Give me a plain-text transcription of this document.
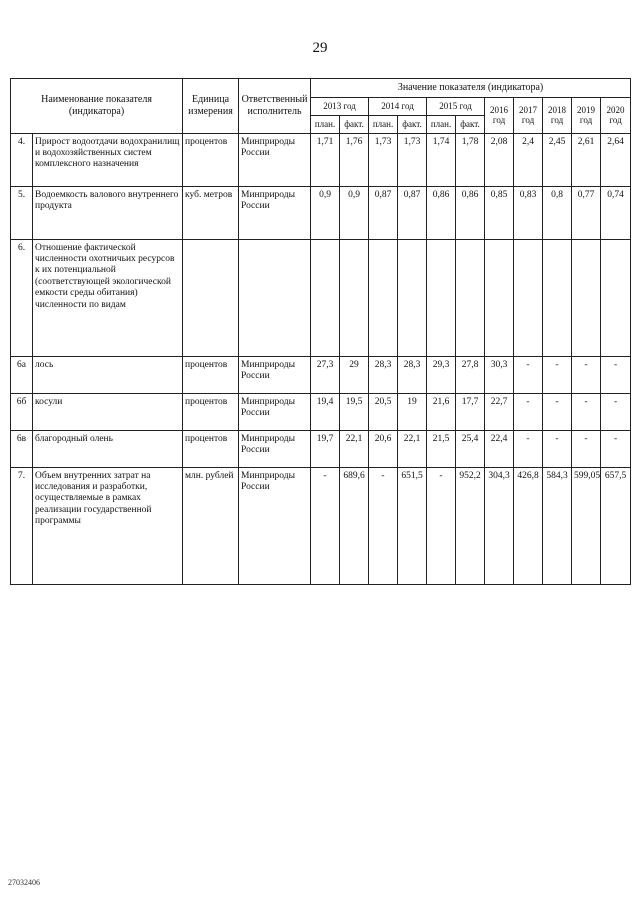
29
Наименование показателя (индикатора)		Единица измерения	Ответственный исполнитель	Значение показателя (индикатора)										
				2013 год		2014 год		2015 год		2016 год	2017 год	2018 год	2019 год	2020 год
				план.	факт.	план.	факт.	план.	факт.					
4.	Прирост водоотдачи водохранилищ и водохозяйственных систем комплексного назначения	процентов	Минприроды России	1,71	1,76	1,73	1,73	1,74	1,78	2,08	2,4	2,45	2,61	2,64
5.	Водоемкость валового внутреннего продукта	куб. метров	Минприроды России	0,9	0,9	0,87	0,87	0,86	0,86	0,85	0,83	0,8	0,77	0,74
6.	Отношение фактической численности охотничьих ресурсов к их потенциальной (соответствующей экологической емкости среды обитания) численности по видам													
6а	лось	процентов	Минприроды России	27,3	29	28,3	28,3	29,3	27,8	30,3	-	-	-	-
6б	косули	процентов	Минприроды России	19,4	19,5	20,5	19	21,6	17,7	22,7	-	-	-	-
6в	благородный олень	процентов	Минприроды России	19,7	22,1	20,6	22,1	21,5	25,4	22,4	-	-	-	-
7.	Объем внутренних затрат на исследования и разработки, осуществляемые в рамках реализации государственной программы	млн. рублей	Минприроды России	-	689,6	-	651,5	-	952,2	304,3	426,8	584,3	599,05	657,5
27032406
